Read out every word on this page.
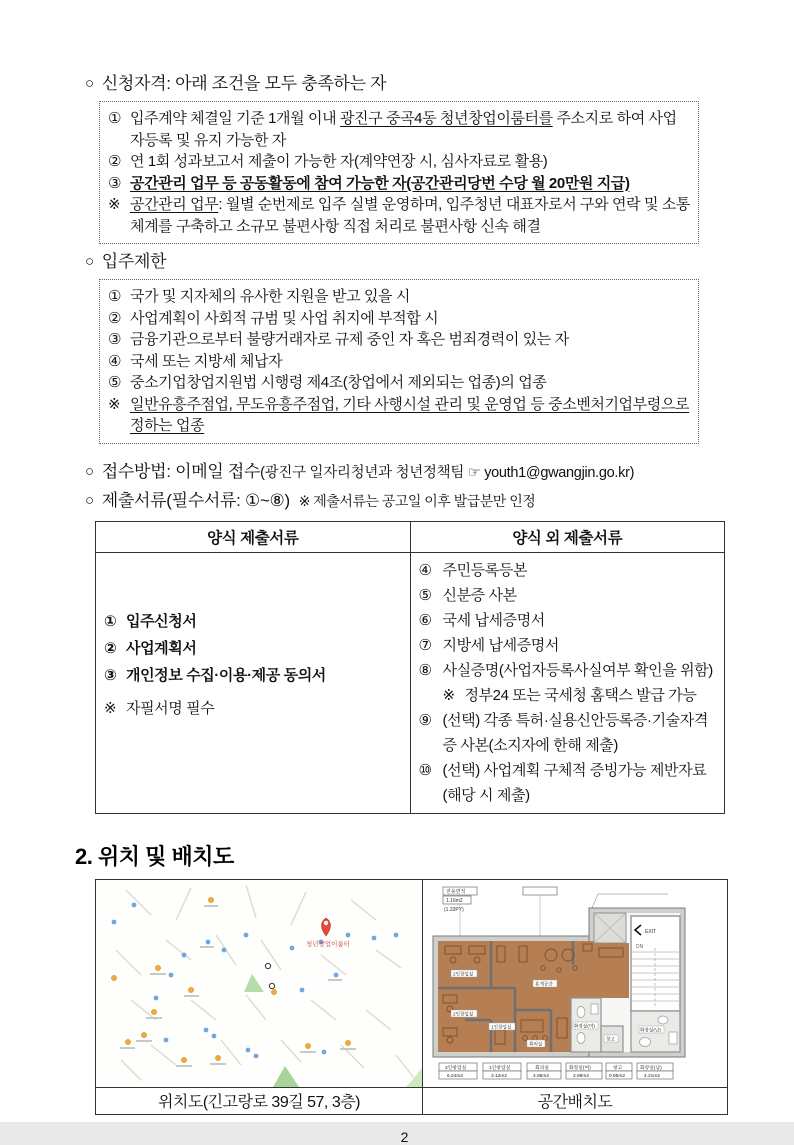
○ 신청자격: 아래 조건을 모두 충족하는 자
① 입주계약 체결일 기준 1개월 이내 광진구 중곡4동 청년창업이룸터를 주소지로 하여 사업자등록 및 유지 가능한 자
② 연 1회 성과보고서 제출이 가능한 자(계약연장 시, 심사자료로 활용)
③ 공간관리 업무 등 공동활동에 참여 가능한 자(공간관리당번 수당 월 20만원 지급)
※ 공간관리 업무: 월별 순번제로 입주 실별 운영하며, 입주청년 대표자로서 구와 연락 및 소통체계를 구축하고 소규모 불편사항 직접 처리로 불편사항 신속 해결
○ 입주제한
① 국가 및 지자체의 유사한 지원을 받고 있을 시
② 사업계획이 사회적 규범 및 사업 취지에 부적합 시
③ 금융기관으로부터 불량거래자로 규제 중인 자 혹은 범죄경력이 있는 자
④ 국세 또는 지방세 체납자
⑤ 중소기업창업지원법 시행령 제4조(창업에서 제외되는 업종)의 업종
※ 일반유흥주점업, 무도유흥주점업, 기타 사행시설 관리 및 운영업 등 중소벤처기업부령으로 정하는 업종
○ 접수방법: 이메일 접수(광진구 일자리청년과 청년정책팀 ☞ youth1@gwangjin.go.kr)
○ 제출서류(필수서류: ①~⑧) ※ 제출서류는 공고일 이후 발급분만 인정
양식 제출서류	양식 외 제출서류

① 입주신청서
② 사업계획서
③ 개인정보 수집·이용·제공 동의서
※ 자필서명 필수

④ 주민등록등본
⑤ 신분증 사본
⑥ 국세 납세증명서
⑦ 지방세 납세증명서
⑧ 사실증명(사업자등록사실여부 확인을 위함)
※ 정부24 또는 국세청 홈택스 발급 가능
⑨ (선택) 각종 특허·실용신안등록증·기술자격증 사본(소지자에 한해 제출)
⑩ (선택) 사업계획 구체적 증빙가능 제반자료(해당 시 제출)
2. 위치 및 배치도
청년창업이룸터

전용면적
1.16m2
(1.33PY)
EXIT
DN
2인창업실
휴게공간
2인창업실
1인창업실
회의실
화장실(여)
창고
화장실(남)
2인창업실
6.24m2
1인창업실
3.12m2
회의실
4.95m2
화장실(여)
2.99m2
창고
0.95m2
화장실(남)
4.21m2

위치도(긴고랑로 39길 57, 3층)	공간배치도
2
